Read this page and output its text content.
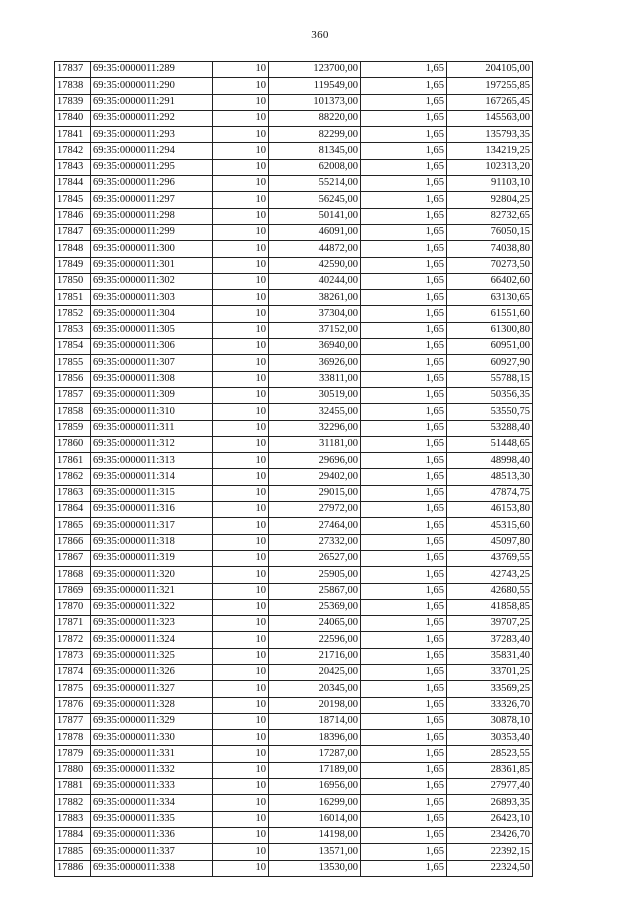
360
17837	69:35:0000011:289	10	123700,00	1,65	204105,00
17838	69:35:0000011:290	10	119549,00	1,65	197255,85
17839	69:35:0000011:291	10	101373,00	1,65	167265,45
17840	69:35:0000011:292	10	88220,00	1,65	145563,00
17841	69:35:0000011:293	10	82299,00	1,65	135793,35
17842	69:35:0000011:294	10	81345,00	1,65	134219,25
17843	69:35:0000011:295	10	62008,00	1,65	102313,20
17844	69:35:0000011:296	10	55214,00	1,65	91103,10
17845	69:35:0000011:297	10	56245,00	1,65	92804,25
17846	69:35:0000011:298	10	50141,00	1,65	82732,65
17847	69:35:0000011:299	10	46091,00	1,65	76050,15
17848	69:35:0000011:300	10	44872,00	1,65	74038,80
17849	69:35:0000011:301	10	42590,00	1,65	70273,50
17850	69:35:0000011:302	10	40244,00	1,65	66402,60
17851	69:35:0000011:303	10	38261,00	1,65	63130,65
17852	69:35:0000011:304	10	37304,00	1,65	61551,60
17853	69:35:0000011:305	10	37152,00	1,65	61300,80
17854	69:35:0000011:306	10	36940,00	1,65	60951,00
17855	69:35:0000011:307	10	36926,00	1,65	60927,90
17856	69:35:0000011:308	10	33811,00	1,65	55788,15
17857	69:35:0000011:309	10	30519,00	1,65	50356,35
17858	69:35:0000011:310	10	32455,00	1,65	53550,75
17859	69:35:0000011:311	10	32296,00	1,65	53288,40
17860	69:35:0000011:312	10	31181,00	1,65	51448,65
17861	69:35:0000011:313	10	29696,00	1,65	48998,40
17862	69:35:0000011:314	10	29402,00	1,65	48513,30
17863	69:35:0000011:315	10	29015,00	1,65	47874,75
17864	69:35:0000011:316	10	27972,00	1,65	46153,80
17865	69:35:0000011:317	10	27464,00	1,65	45315,60
17866	69:35:0000011:318	10	27332,00	1,65	45097,80
17867	69:35:0000011:319	10	26527,00	1,65	43769,55
17868	69:35:0000011:320	10	25905,00	1,65	42743,25
17869	69:35:0000011:321	10	25867,00	1,65	42680,55
17870	69:35:0000011:322	10	25369,00	1,65	41858,85
17871	69:35:0000011:323	10	24065,00	1,65	39707,25
17872	69:35:0000011:324	10	22596,00	1,65	37283,40
17873	69:35:0000011:325	10	21716,00	1,65	35831,40
17874	69:35:0000011:326	10	20425,00	1,65	33701,25
17875	69:35:0000011:327	10	20345,00	1,65	33569,25
17876	69:35:0000011:328	10	20198,00	1,65	33326,70
17877	69:35:0000011:329	10	18714,00	1,65	30878,10
17878	69:35:0000011:330	10	18396,00	1,65	30353,40
17879	69:35:0000011:331	10	17287,00	1,65	28523,55
17880	69:35:0000011:332	10	17189,00	1,65	28361,85
17881	69:35:0000011:333	10	16956,00	1,65	27977,40
17882	69:35:0000011:334	10	16299,00	1,65	26893,35
17883	69:35:0000011:335	10	16014,00	1,65	26423,10
17884	69:35:0000011:336	10	14198,00	1,65	23426,70
17885	69:35:0000011:337	10	13571,00	1,65	22392,15
17886	69:35:0000011:338	10	13530,00	1,65	22324,50
